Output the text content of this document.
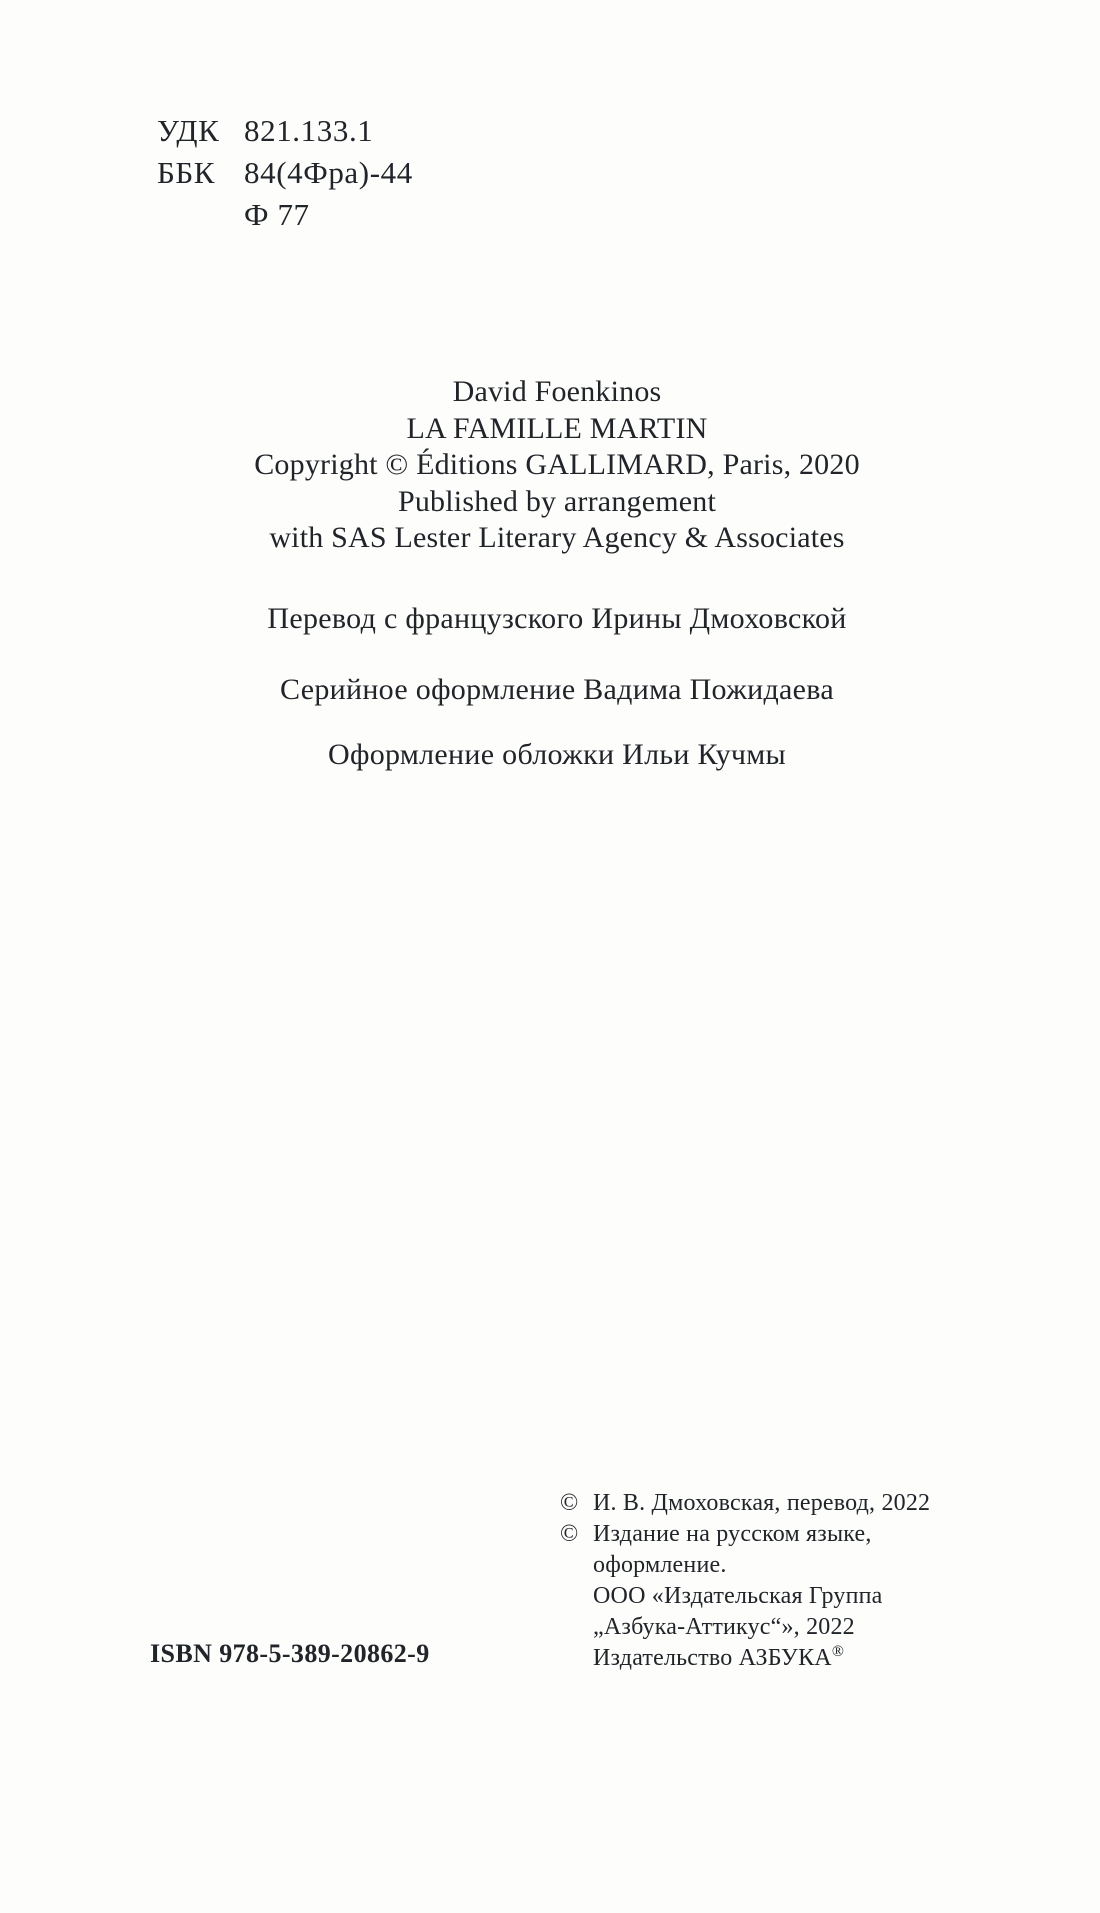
УДК 821.133.1
ББК 84(4Фра)-44
Ф 77
David Foenkinos
LA FAMILLE MARTIN
Copyright © Éditions GALLIMARD, Paris, 2020
Published by arrangement
with SAS Lester Literary Agency & Associates
Перевод с французского Ирины Дмоховской
Серийное оформление Вадима Пожидаева
Оформление обложки Ильи Кучмы
© И. В. Дмоховская, перевод, 2022
© Издание на русском языке,
оформление.
ООО «Издательская Группа
„Азбука-Аттикус“», 2022
Издательство АЗБУКА®
ISBN 978-5-389-20862-9
